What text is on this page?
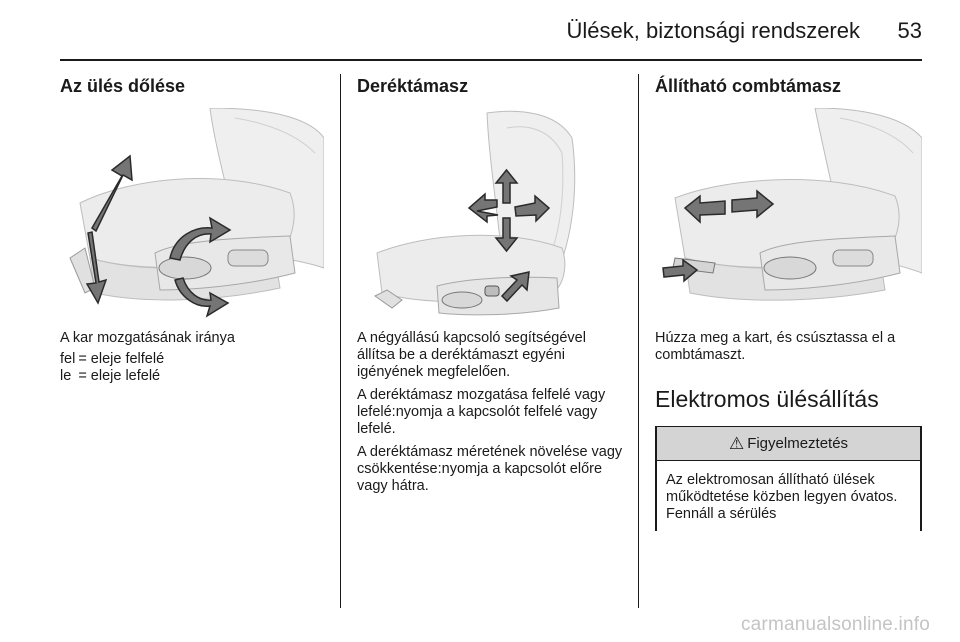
Ülések, biztonsági rendszerek 53
Az ülés dőlése
A kar mozgatásának iránya
fel	=	eleje felfelé
le	=	eleje lefelé
Deréktámasz
A négyállású kapcsoló segítségével állítsa be a deréktámaszt egyéni igényének megfelelően.
A deréktámasz mozgatása felfelé vagy lefelé:nyomja a kapcsolót felfelé vagy lefelé.
A deréktámasz méretének növelése vagy csökkentése:nyomja a kapcsolót előre vagy hátra.
Állítható combtámasz
Húzza meg a kart, és csúsztassa el a combtámaszt.
Elektromos ülésállítás
⚠ Figyelmeztetés
Az elektromosan állítható ülések működtetése közben legyen óvatos. Fennáll a sérülés
carmanualsonline.info
